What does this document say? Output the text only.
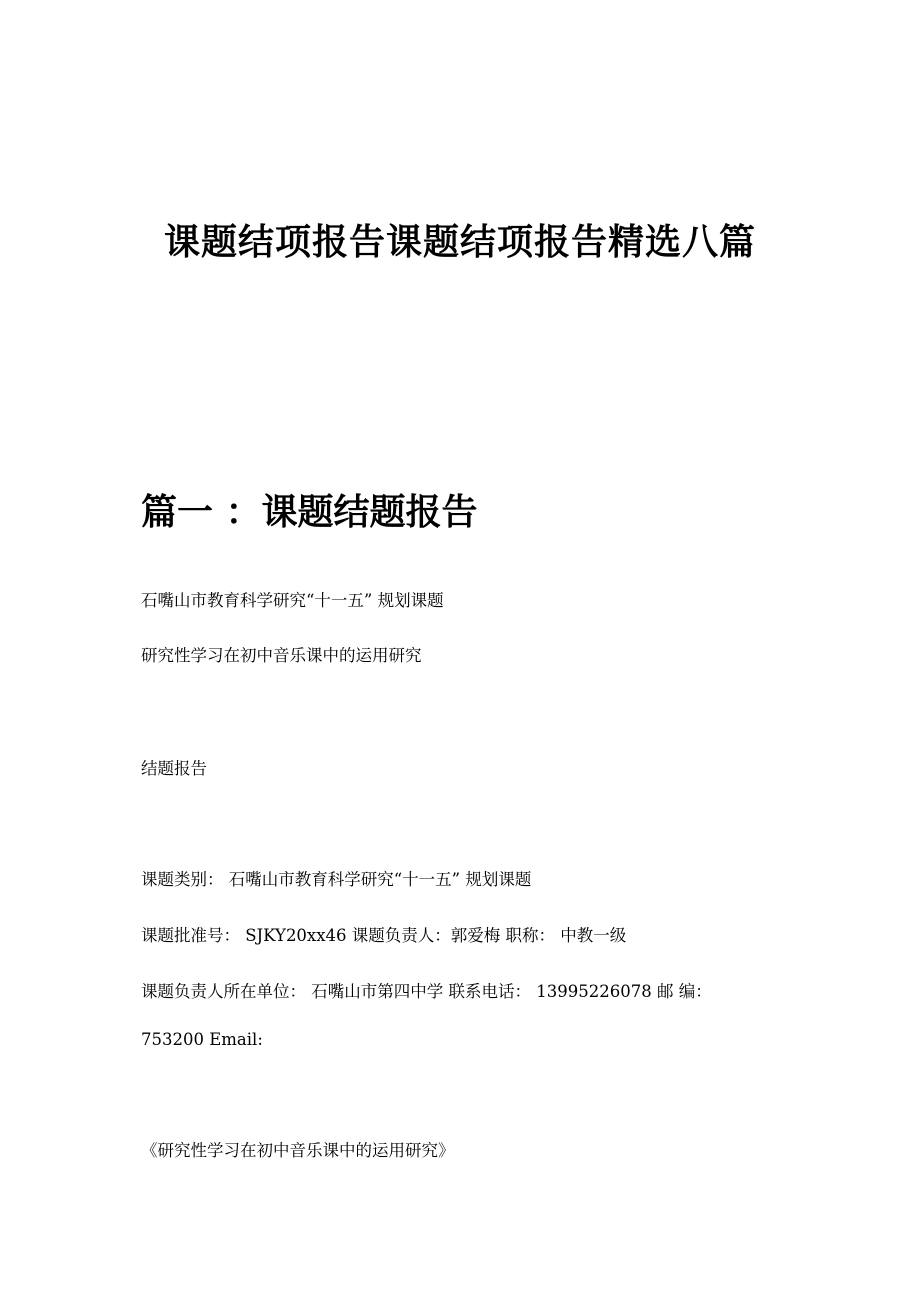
课题结项报告课题结项报告精选八篇
篇一 ：课题结题报告
石嘴山市教育科学研究“十一五” 规划课题
研究性学习在初中音乐课中的运用研究
结题报告
课题类别： 石嘴山市教育科学研究“十一五” 规划课题
课题批准号： SJKY20xx46 课题负责人：郭爱梅 职称： 中教一级
课题负责人所在单位： 石嘴山市第四中学 联系电话： 13995226078 邮 编：
753200 Email:
《研究性学习在初中音乐课中的运用研究》
